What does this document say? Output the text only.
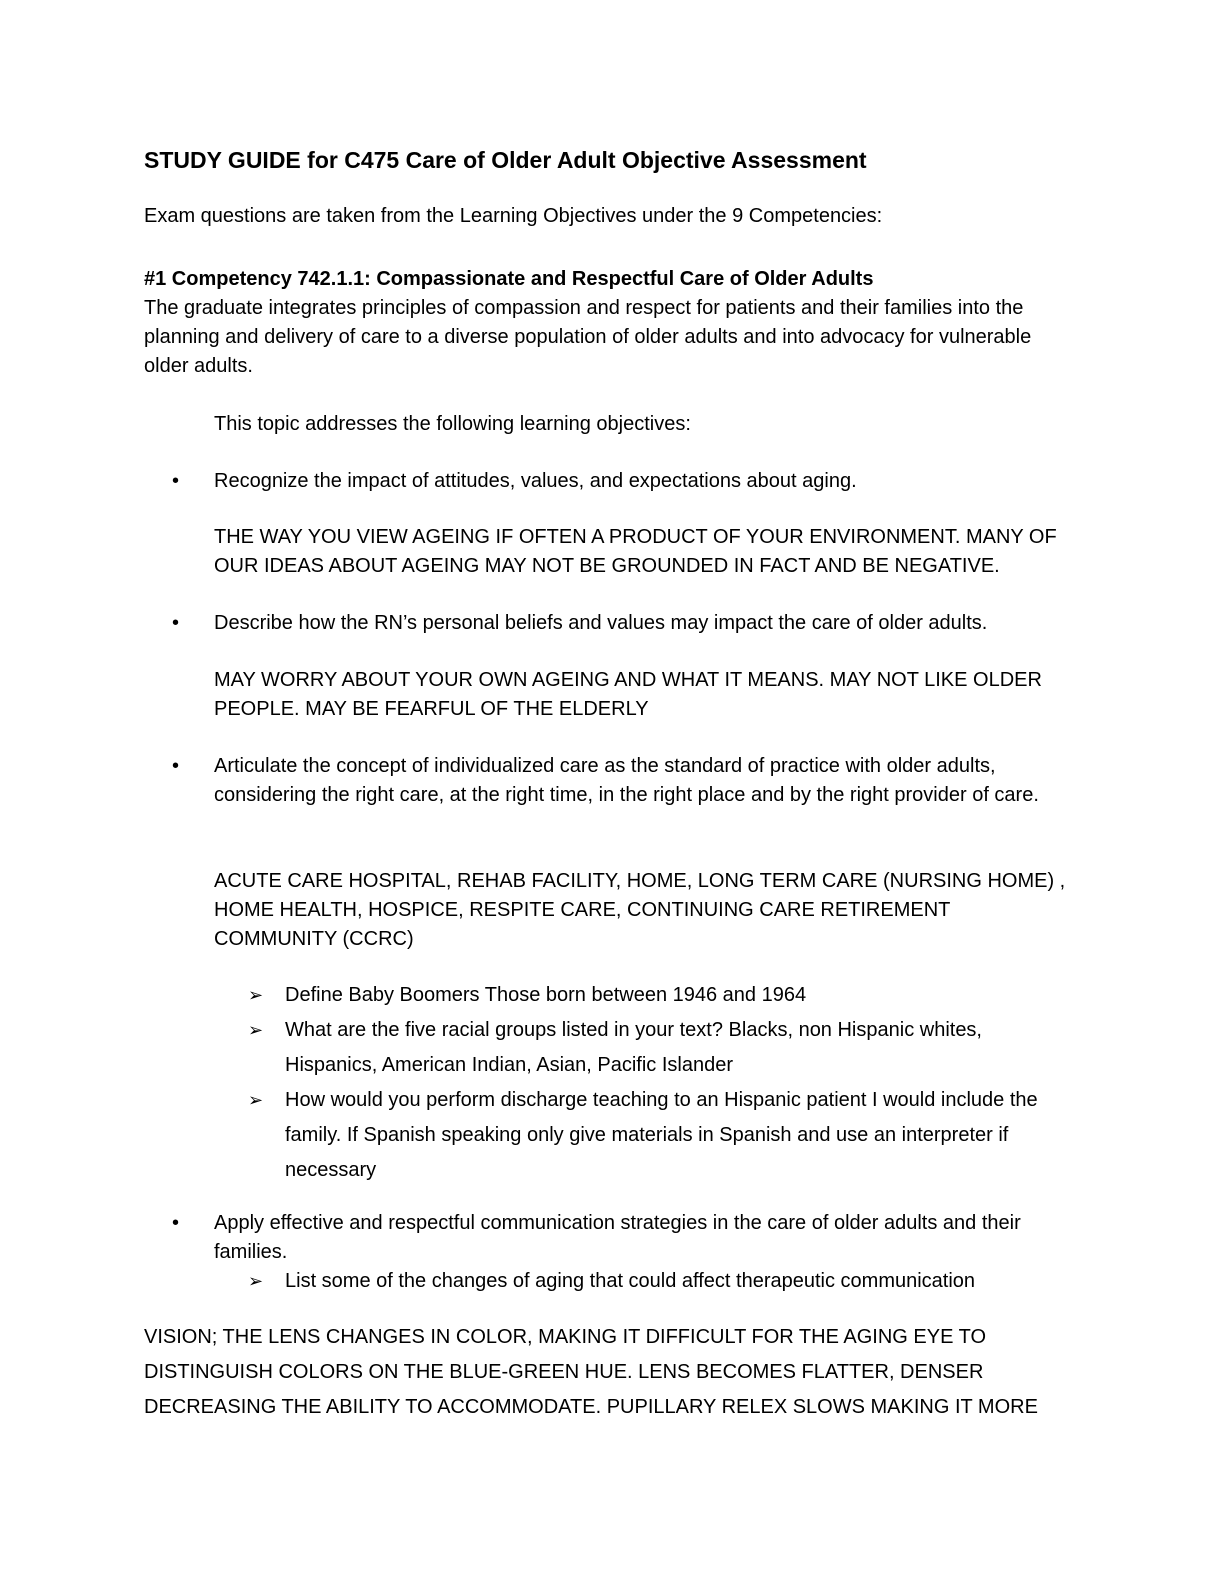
STUDY GUIDE for C475 Care of Older Adult Objective Assessment
Exam questions are taken from the Learning Objectives under the 9 Competencies:
#1 Competency 742.1.1: Compassionate and Respectful Care of Older Adults
The graduate integrates principles of compassion and respect for patients and their families into the planning and delivery of care to a diverse population of older adults and into advocacy for vulnerable older adults.
This topic addresses the following learning objectives:
• Recognize the impact of attitudes, values, and expectations about aging.
THE WAY YOU VIEW AGEING IF OFTEN A PRODUCT OF YOUR ENVIRONMENT. MANY OF OUR IDEAS ABOUT AGEING MAY NOT BE GROUNDED IN FACT AND BE NEGATIVE.
• Describe how the RN’s personal beliefs and values may impact the care of older adults.
MAY WORRY ABOUT YOUR OWN AGEING AND WHAT IT MEANS. MAY NOT LIKE OLDER PEOPLE. MAY BE FEARFUL OF THE ELDERLY
• Articulate the concept of individualized care as the standard of practice with older adults, considering the right care, at the right time, in the right place and by the right provider of care.
ACUTE CARE HOSPITAL, REHAB FACILITY, HOME, LONG TERM CARE (NURSING HOME) , HOME HEALTH, HOSPICE, RESPITE CARE, CONTINUING CARE RETIREMENT COMMUNITY (CCRC)
➢ Define Baby Boomers Those born between 1946 and 1964
➢ What are the five racial groups listed in your text? Blacks, non Hispanic whites, Hispanics, American Indian, Asian, Pacific Islander
➢ How would you perform discharge teaching to an Hispanic patient I would include the family. If Spanish speaking only give materials in Spanish and use an interpreter if necessary
• Apply effective and respectful communication strategies in the care of older adults and their families.
➢ List some of the changes of aging that could affect therapeutic communication
VISION; THE LENS CHANGES IN COLOR, MAKING IT DIFFICULT FOR THE AGING EYE TO
DISTINGUISH COLORS ON THE BLUE-GREEN HUE. LENS BECOMES FLATTER, DENSER
DECREASING THE ABILITY TO ACCOMMODATE. PUPILLARY RELEX SLOWS MAKING IT MORE
